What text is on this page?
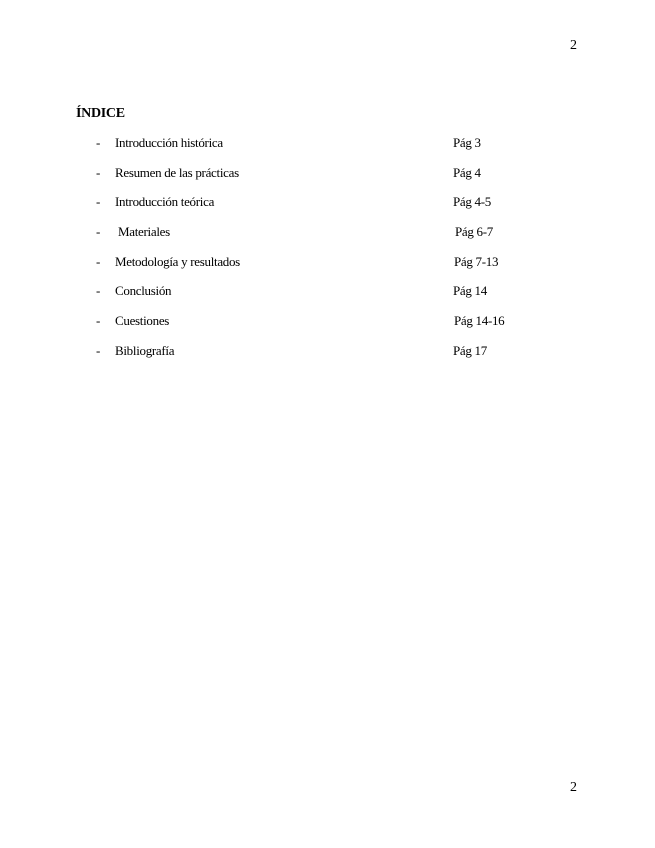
2
ÍNDICE
- Introducción histórica	Pág 3
- Resumen de las prácticas	Pág 4
- Introducción teórica	Pág 4-5
- Materiales	Pág 6-7
- Metodología y resultados	Pág 7-13
- Conclusión	Pág 14
- Cuestiones	Pág 14-16
- Bibliografía	Pág 17
2
